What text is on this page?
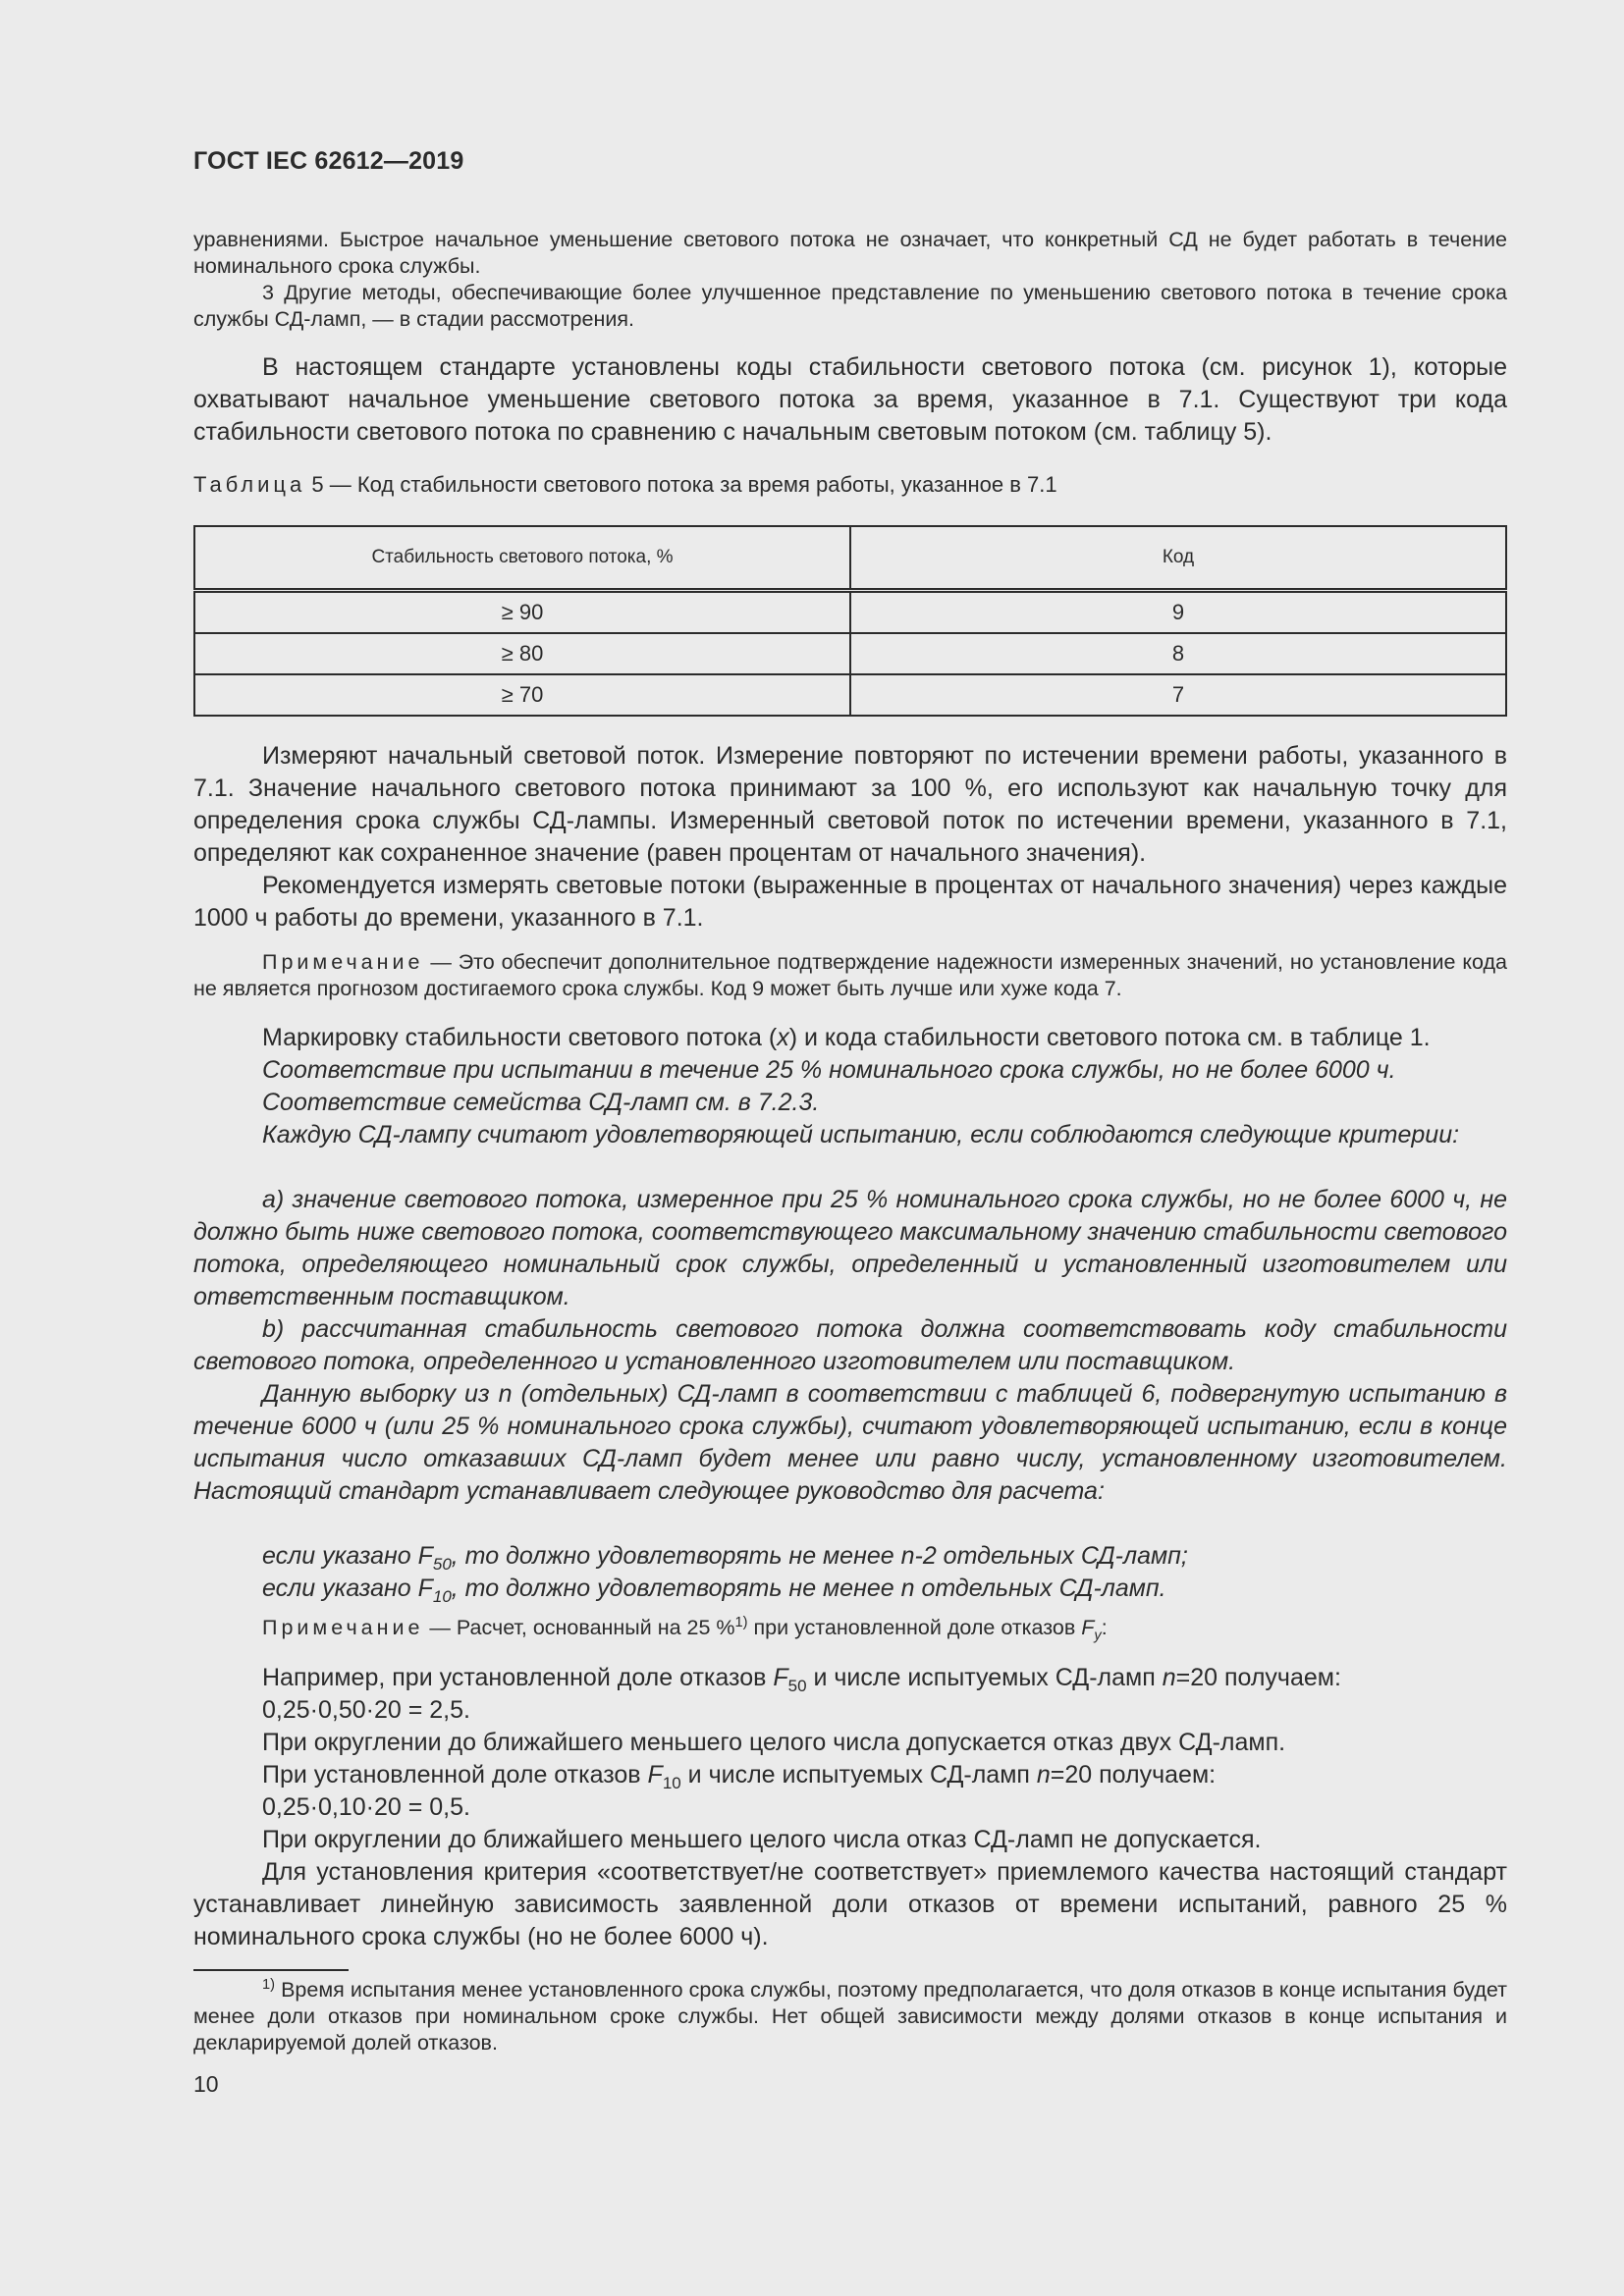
ГОСТ IEC 62612—2019

уравнениями. Быстрое начальное уменьшение светового потока не означает, что конкретный СД не будет работать в течение номинального срока службы.

3 Другие методы, обеспечивающие более улучшенное представление по уменьшению светового потока в течение срока службы СД-ламп, — в стадии рассмотрения.

В настоящем стандарте установлены коды стабильности светового потока (см. рисунок 1), которые охватывают начальное уменьшение светового потока за время, указанное в 7.1. Существуют три кода стабильности светового потока по сравнению с начальным световым потоком (см. таблицу 5).

Таблица 5 — Код стабильности светового потока за время работы, указанное в 7.1
Стабильность светового потока, %	Код
≥ 90	9
≥ 80	8
≥ 70	7

Измеряют начальный световой поток. Измерение повторяют по истечении времени работы, указанного в 7.1. Значение начального светового потока принимают за 100 %, его используют как начальную точку для определения срока службы СД-лампы. Измеренный световой поток по истечении времени, указанного в 7.1, определяют как сохраненное значение (равен процентам от начального значения).

Рекомендуется измерять световые потоки (выраженные в процентах от начального значения) через каждые 1000 ч работы до времени, указанного в 7.1.

Примечание — Это обеспечит дополнительное подтверждение надежности измеренных значений, но установление кода не является прогнозом достигаемого срока службы. Код 9 может быть лучше или хуже кода 7.

Маркировку стабильности светового потока (x) и кода стабильности светового потока см. в таблице 1.

Соответствие при испытании в течение 25 % номинального срока службы, но не более 6000 ч.

Соответствие семейства СД-ламп см. в 7.2.3.

Каждую СД-лампу считают удовлетворяющей испытанию, если соблюдаются следующие критерии:

а) значение светового потока, измеренное при 25 % номинального срока службы, но не более 6000 ч, не должно быть ниже светового потока, соответствующего максимальному значению стабильности светового потока, определяющего номинальный срок службы, определенный и установленный изготовителем или ответственным поставщиком.

b) рассчитанная стабильность светового потока должна соответствовать коду стабильности светового потока, определенного и установленного изготовителем или поставщиком.

Данную выборку из n (отдельных) СД-ламп в соответствии с таблицей 6, подвергнутую испытанию в течение 6000 ч (или 25 % номинального срока службы), считают удовлетворяющей испытанию, если в конце испытания число отказавших СД-ламп будет менее или равно числу, установленному изготовителем. Настоящий стандарт устанавливает следующее руководство для расчета:

если указано $F_{50}$, то должно удовлетворять не менее n-2 отдельных СД-ламп;

если указано $F_{10}$, то должно удовлетворять не менее n отдельных СД-ламп.

Примечание — Расчет, основанный на 25 %$^{1)}$ при установленной доле отказов $F_y$:

Например, при установленной доле отказов $F_{50}$ и числе испытуемых СД-ламп n=20 получаем:

0,25·0,50·20 = 2,5.

При округлении до ближайшего меньшего целого числа допускается отказ двух СД-ламп.

При установленной доле отказов $F_{10}$ и числе испытуемых СД-ламп n=20 получаем:

0,25·0,10·20 = 0,5.

При округлении до ближайшего меньшего целого числа отказ СД-ламп не допускается.

Для установления критерия «соответствует/не соответствует» приемлемого качества настоящий стандарт устанавливает линейную зависимость заявленной доли отказов от времени испытаний, равного 25 % номинального срока службы (но не более 6000 ч).

$^{1)}$ Время испытания менее установленного срока службы, поэтому предполагается, что доля отказов в конце испытания будет менее доли отказов при номинальном сроке службы. Нет общей зависимости между долями отказов в конце испытания и декларируемой долей отказов.

10
